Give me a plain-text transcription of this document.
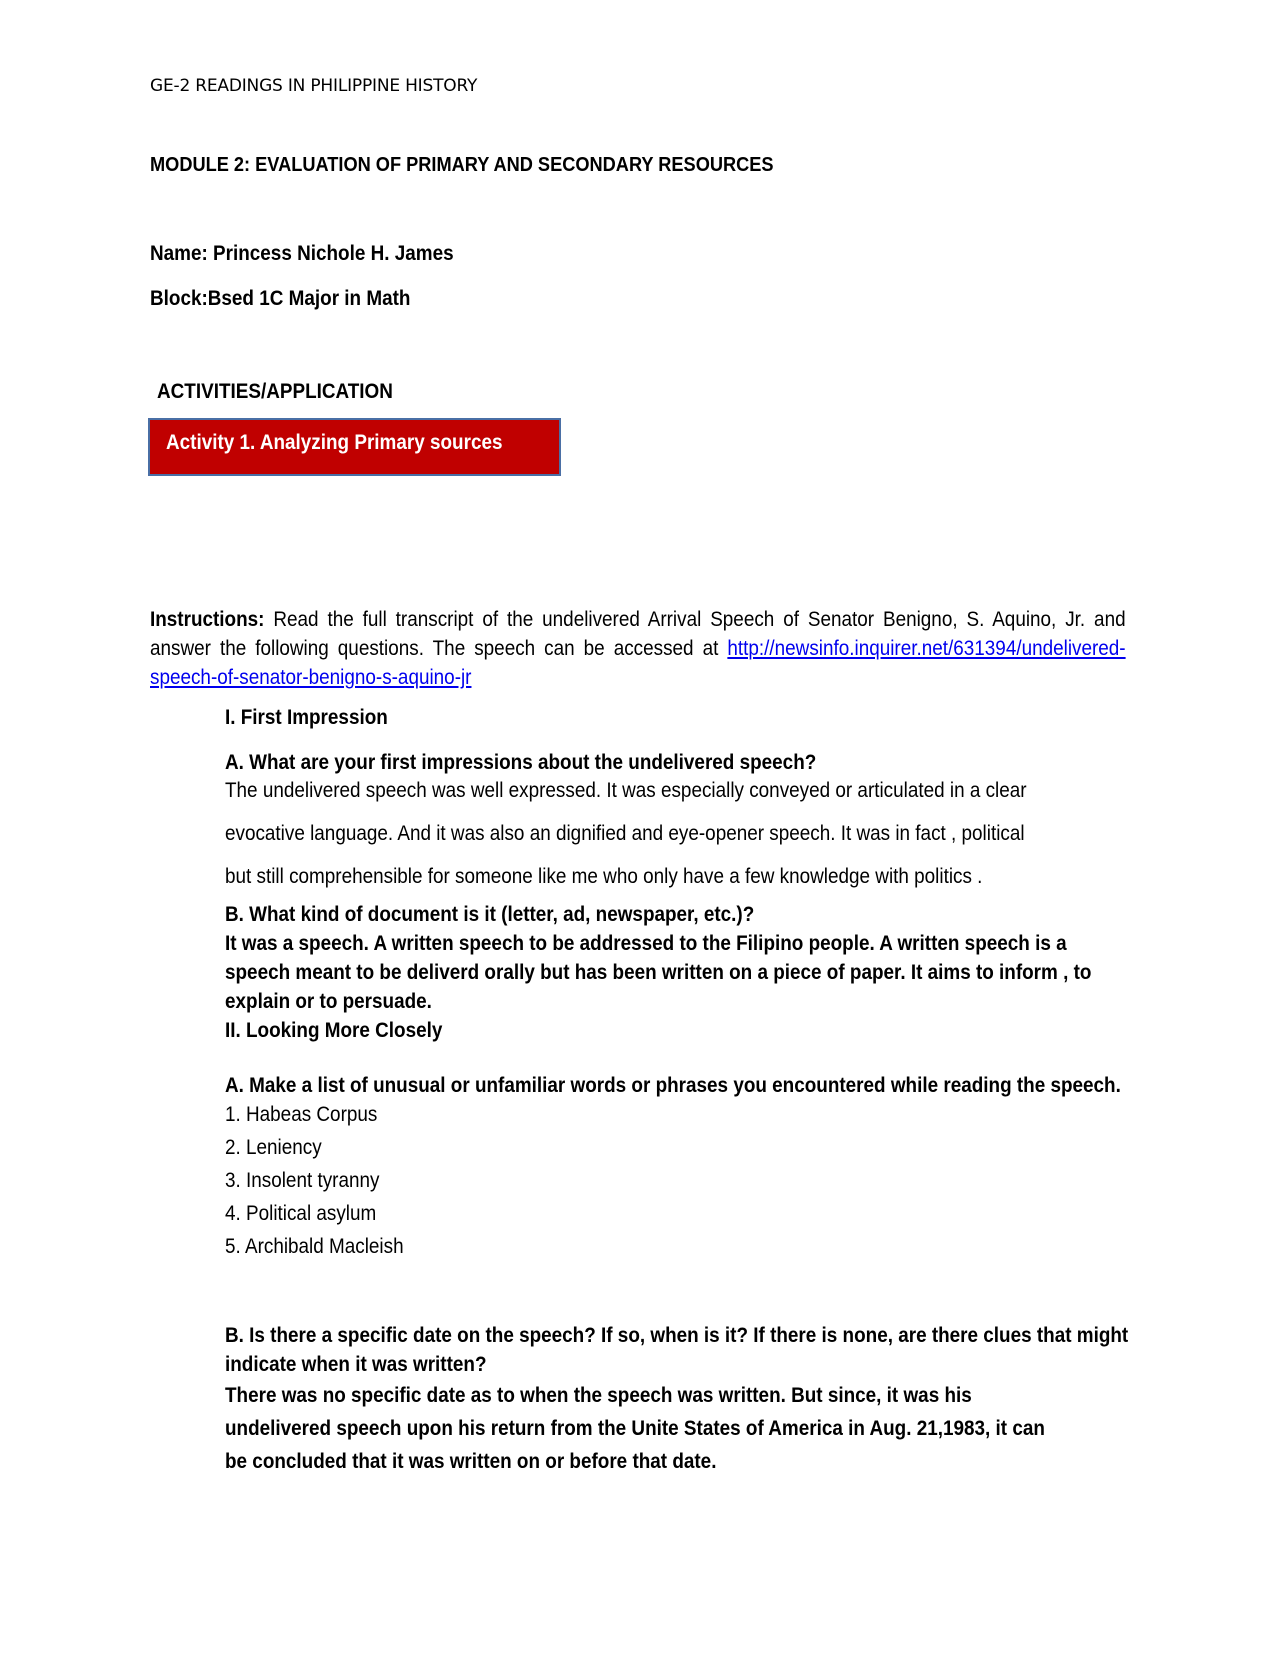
GE-2 READINGS IN PHILIPPINE HISTORY
MODULE 2: EVALUATION OF PRIMARY AND SECONDARY RESOURCES
Name: Princess Nichole H. James
Block:Bsed 1C Major in Math
ACTIVITIES/APPLICATION
Activity 1. Analyzing Primary sources
Instructions: Read the full transcript of the undelivered Arrival Speech of Senator Benigno, S. Aquino, Jr. and answer the following questions. The speech can be accessed at http://newsinfo.inquirer.net/631394/undelivered-speech-of-senator-benigno-s-aquino-jr

I. First Impression

A. What are your first impressions about the undelivered speech?

The undelivered speech was well expressed. It was especially conveyed or articulated in a clear

evocative language. And it was also an dignified and eye-opener speech. It was in fact , political

but still comprehensible for someone like me who only have a few knowledge with politics .

B. What kind of document is it (letter, ad, newspaper, etc.)?

It was a speech. A written speech to be addressed to the Filipino people. A written speech is a speech meant to be deliverd orally but has been written on a piece of paper. It aims to inform , to explain or to persuade.

II. Looking More Closely

A. Make a list of unusual or unfamiliar words or phrases you encountered while reading the speech.

1. Habeas Corpus

2. Leniency

3. Insolent tyranny

4. Political asylum

5. Archibald Macleish

B. Is there a specific date on the speech? If so, when is it? If there is none, are there clues that might indicate when it was written?

There was no specific date as to when the speech was written. But since, it was his

undelivered speech upon his return from the Unite States of America in Aug. 21,1983, it can

be concluded that it was written on or before that date.
